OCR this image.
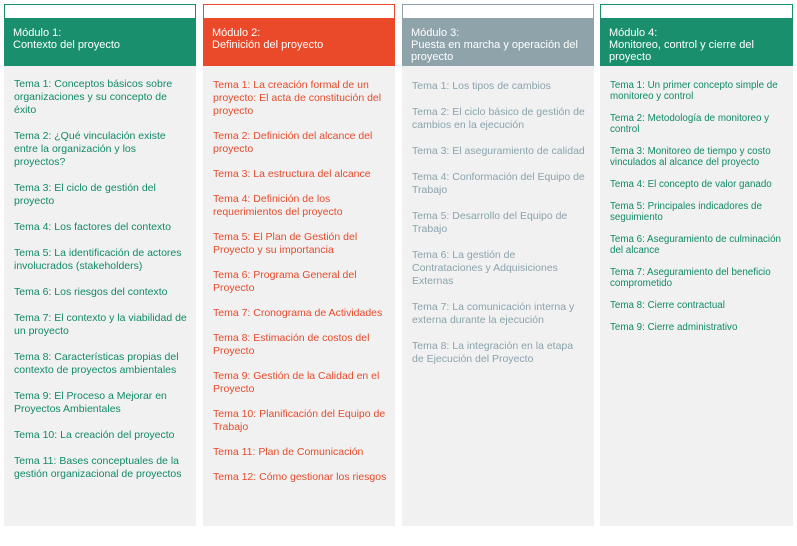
Módulo 1:
Contexto del proyecto
Tema 1: Conceptos básicos sobre organizaciones y su concepto de éxito
Tema 2: ¿Qué vinculación existe entre la organización y los proyectos?
Tema 3: El ciclo de gestión del proyecto
Tema 4: Los factores del contexto
Tema 5: La identificación de actores involucrados (stakeholders)
Tema 6: Los riesgos del contexto
Tema 7: El contexto y la viabilidad de un proyecto
Tema 8: Características propias del contexto de proyectos ambientales
Tema 9: El Proceso a Mejorar en Proyectos Ambientales
Tema 10: La creación del proyecto
Tema 11: Bases conceptuales de la gestión organizacional de proyectos
Módulo 2:
Definición del proyecto
Tema 1: La creación formal de un proyecto: El acta de constitución del proyecto
Tema 2: Definición del alcance del proyecto
Tema 3: La estructura del alcance
Tema 4: Definición de los requerimientos del proyecto
Tema 5: El Plan de Gestión del Proyecto y su importancia
Tema 6: Programa General del Proyecto
Tema 7: Cronograma de Actividades
Tema 8: Estimación de costos del Proyecto
Tema 9: Gestión de la Calidad en el Proyecto
Tema 10: Planificación del Equipo de Trabajo
Tema 11: Plan de Comunicación
Tema 12: Cómo gestionar los riesgos
Módulo 3:
Puesta en marcha y operación del proyecto
Tema 1: Los tipos de cambios
Tema 2: El ciclo básico de gestión de cambios en la ejecución
Tema 3: El aseguramiento de calidad
Tema 4: Conformación del Equipo de Trabajo
Tema 5: Desarrollo del Equipo de Trabajo
Tema 6: La gestión de Contrataciones y Adquisiciones Externas
Tema 7: La comunicación interna y externa durante la ejecución
Tema 8: La integración en la etapa de Ejecución del Proyecto
Módulo 4:
Monitoreo, control y cierre del proyecto
Tema 1: Un primer concepto simple de monitoreo y control
Tema 2: Metodología de monitoreo y control
Tema 3: Monitoreo de tiempo y costo vinculados al alcance del proyecto
Tema 4: El concepto de valor ganado
Tema 5: Principales indicadores de seguimiento
Tema 6: Aseguramiento de culminación del alcance
Tema 7: Aseguramiento del beneficio comprometido
Tema 8: Cierre contractual
Tema 9: Cierre administrativo
